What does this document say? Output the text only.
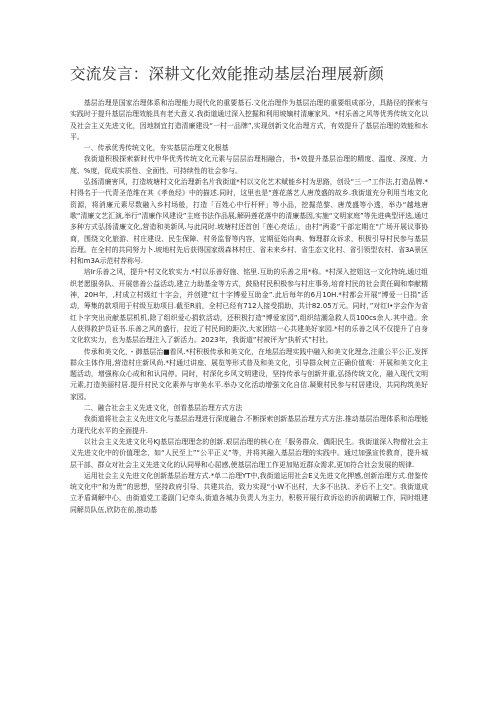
交流发言：深耕文化效能推动基层治理展新颜

基层治理是国家治理体系和治理能力现代化的重要基石.文化治理作为基层治理的重要组成部分，具路径的探索与实践时于提升基层治理效能具有老大意义.我街道通过深入挖掘和利用坡嫡村清廉家风、*村乐善之风等优秀传统文化以及社会主义先进文化，因地制宜打造清廉建设“一村一品牌”,实现创新文化治理方式，有效提升了基层治理的效能和水平。

一、传承优秀传统文化，夯实基层治理文化根基

我街道积极探索新时代中华优秀传统文化元素与层层治理相融合，书•效提升基层治理的精度、温度、深度、力度、%度，促成实质性、全面性、可持续性的社会参与。

弘扬清廉害风，打造坡塘村文化治理新名片我街道*村以文化艺术赋能乡村为思路，创设“三一”工作法,打造品牌.*村得名于一代青圣范维在其《孝鱼经》中的描述.同时，这里也是“莲花落艺人唐茂盛的故乡.我街道充分利用当地文化资源，将消廉元素尽数融入乡村场般，打造「百姓心中行杆秤」等小品，挖掘范黎、唐茂盛等小透，举办“越地唐歌“清廉文艺汇演,举行“清廉作风建设”主庭书法作品展,解码莲花落中的清廉基因,实施“文明家庭”等先进典型评选,通过多种方式弘扬清廉文化,营造和美新风.与此同时.坡塘村还首创「莲心亮话」，由村“两委”干部定期在“广场开展议事协商，围绕文化旅游、村庄建设、民生保障、村务监督等内容，定期征始向典、悔理群众诉求，积极引导村民参与基层治理。在全村的共同努力卜.坡地村先后获得国家级森林村庄、省未来乡村、省生态文化村、省引领型农村、省3A景区村和m3A示范村荐称号.

培Ir乐善之风，提升*村文化软实力.*村以乐善好施、铭里.互助的乐善之用*称。*村深入挖姐这一文化特统,通过组织老愿服务队、开展慈善公益活动,建立力助基金等方式，鼓励村民积极参与村庄事务,培育村民的社会责任碣和奉献精神，20H年，,村成立村级红十字会，并创建“红十字博爱互助金”.此后每年的6月10H.*村都会开展“博爱一日捐”活动，筹集的款项用于村级互助项目.截至R前，全村已经有712人接受捐助，共计82.05万元。同时，”对红I•字会作为省红卜字突出贡献基层机机,除了组织爱心捐软活动，还积极打造“博爱家园”,组织结潮急救人员100cs余人.其中造。余人获得救护员证书.乐善之风的盛行，拉近了村民间的距次,大家团结一心共建美好家园.*村的乐善之风不仅提升了自身文化软实力，也为基层治理注入了新活力。2023年，我街道”村被评为“执析式”村社。

传承和美文化，・御基层治■看风.*村积极传承和美文化，在地层治理实践中融入和美文化理念,注重公平公正,发挥群众主体作用,营造村庄新风尚.*村通过讲座、展览等形式普及和美文化，引导群众树立正确价值观：开展和美文化主题活动，增强称众心成和和认同停。同时，村深化乡风文明建设，坚持传承与创新并重,弘扬传统文化，融入现代文明元素,打造美丽村居.提升村民文化素养与审美水平.举办文化活动增强文化自信.凝聚村民参与村居建设，共同构筑美好家园。

二、融合社会主义先进文化，创看基层治理方式方法

我街道将社会主义先进文化与基层治理进行深度融合.不断探索创新基层治理方式方法.推动基层治理体系和治理能力现代化水平的全面提升.

以社会主义先进文化号KJ基层治理理念的创新.艰层治理的核心在「服务群众、偶阳民生。我街道深入物僧社会主义先进文化中的价值理念，如“人民至上”“公平正义”等，并将其融入基层治理的实践中。通过加强宣传教育，提升城层干部、群众对社会主义先进文化的认同辱和心屈感,使基层治理工作更加贴近群众需求,更加符合社会发展的规律.

运用社会主义先进文化创新基层治理方式.*单二治理YT中,我街道运用社会E义先进文化押感,创新治理方式.借鉴传统文化中“和为贵”的思想，坚持政府引导、共建共治，致力实现“小W不出村，大多不出执、矛后不上交”。我街道成立矛盾调解中心，由街道党工委副门记牵头,街道各城办负责人为主力，积极开展行政诉讼的诉前调解工作，同时组建同解员队伍,欣防在前,推动基
